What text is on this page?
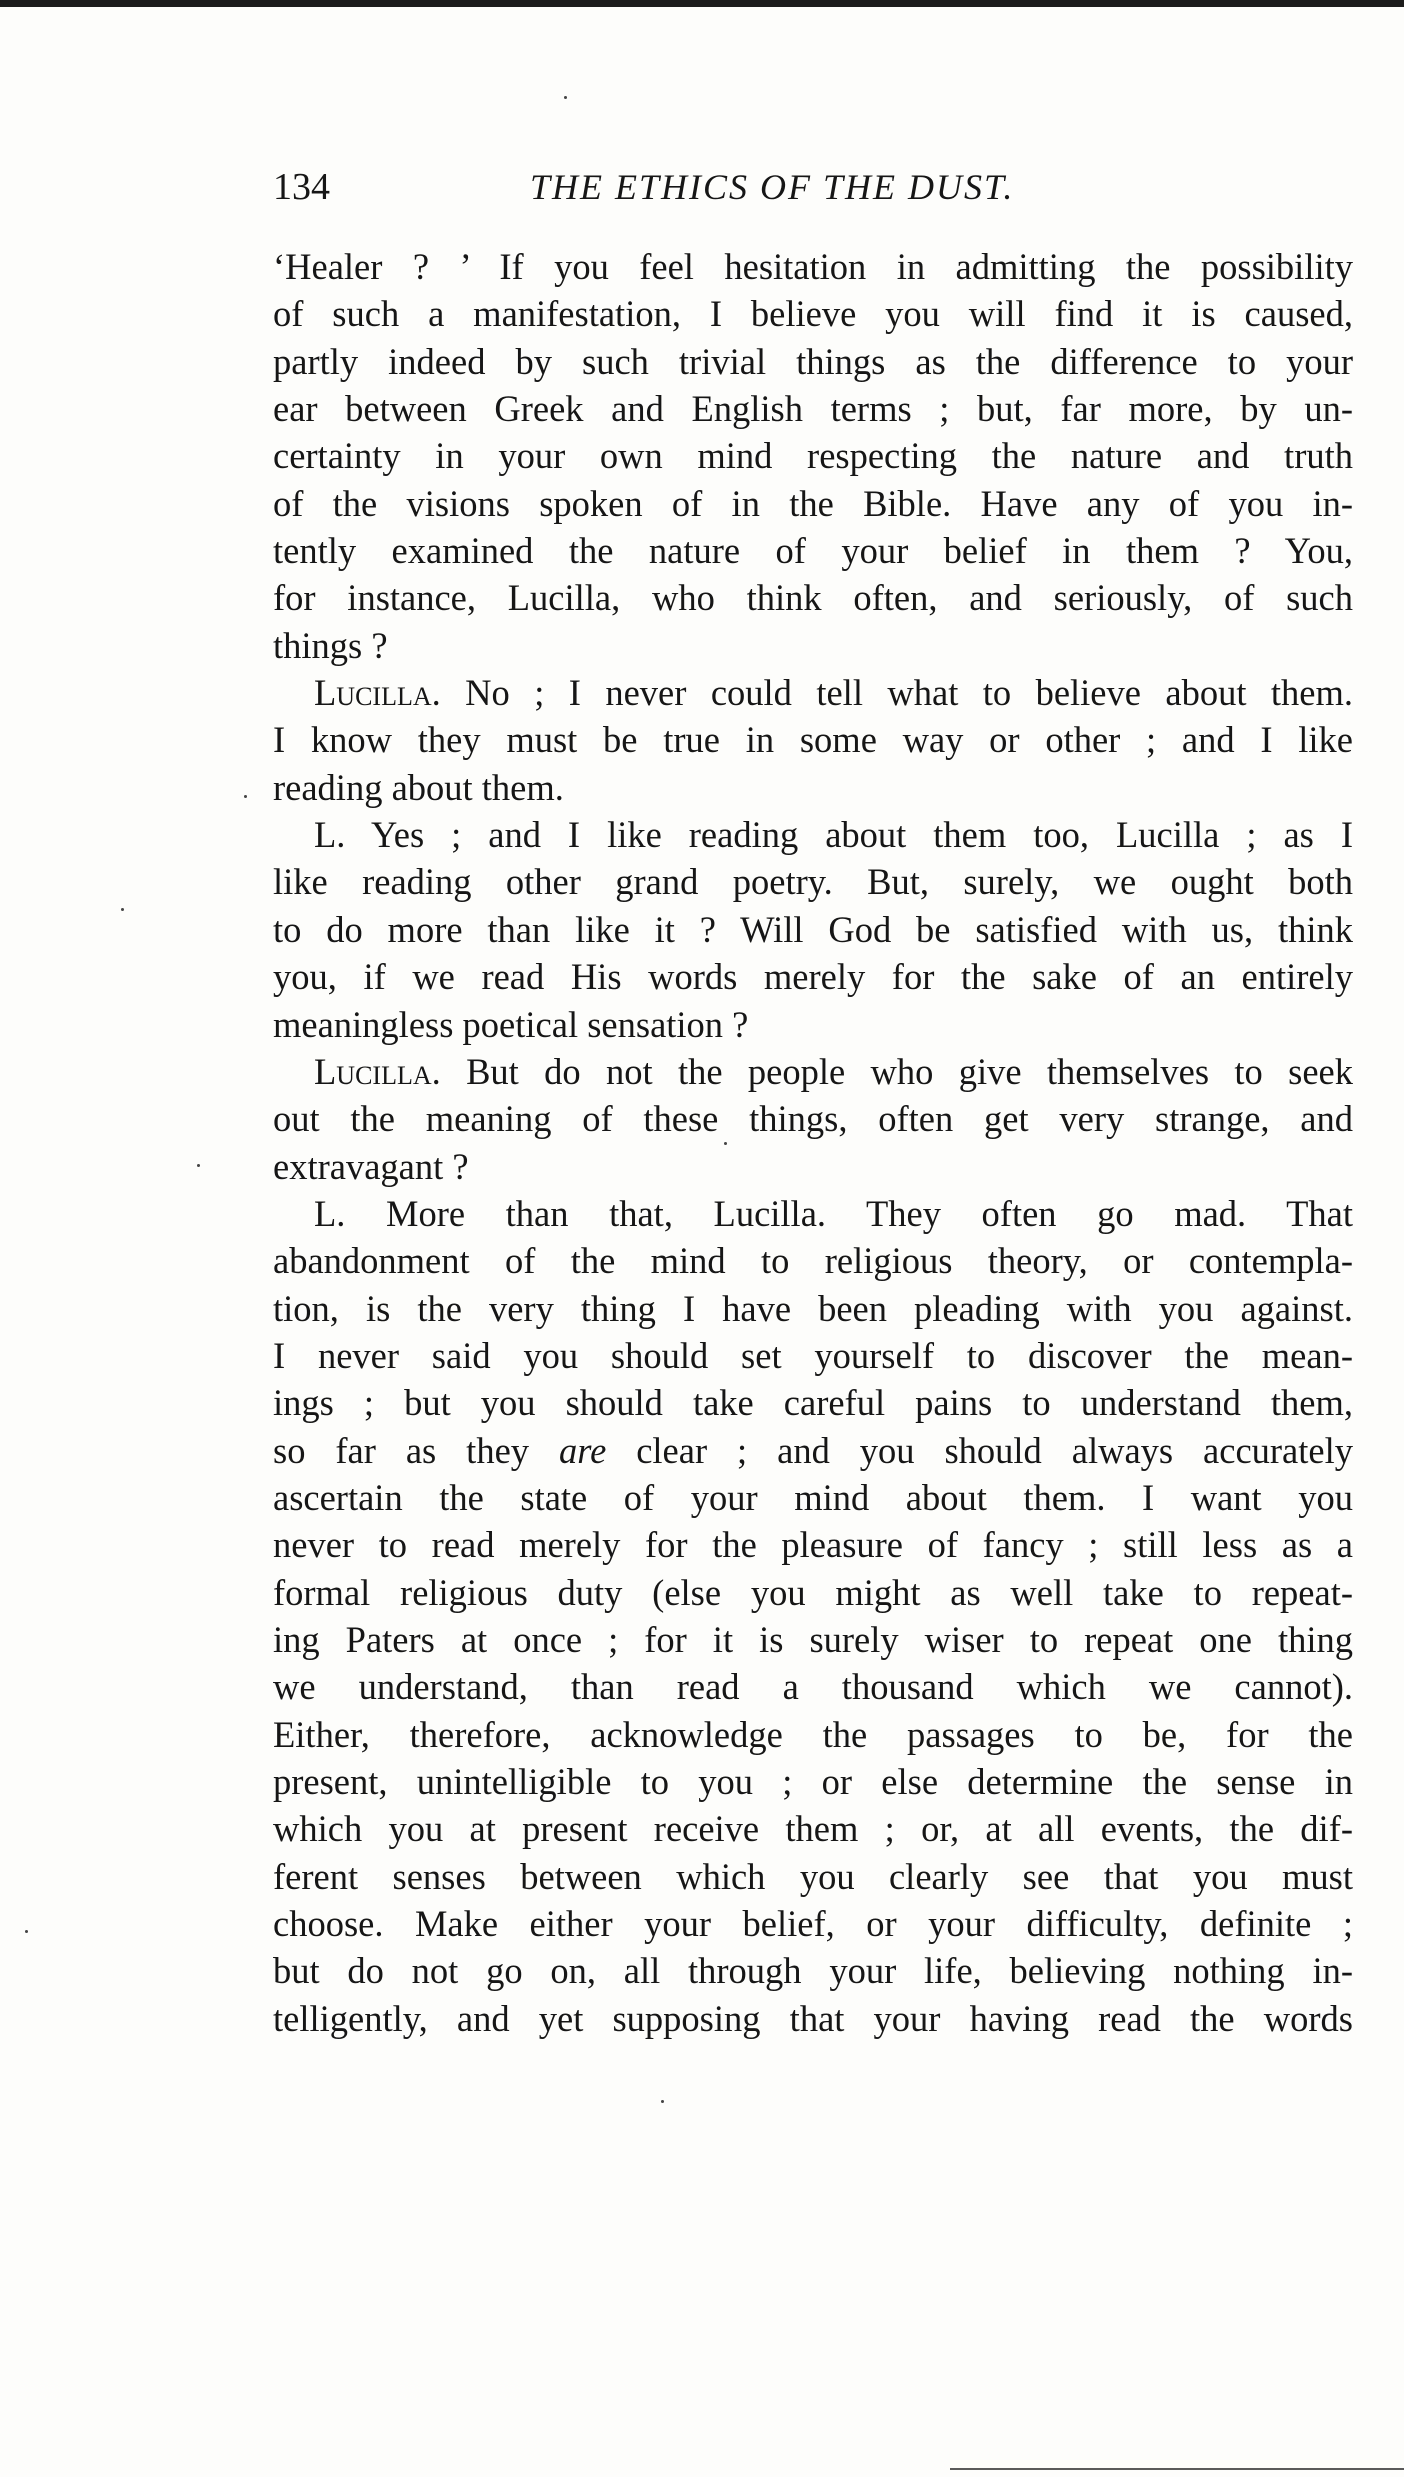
134	THE ETHICS OF THE DUST.
‘Healer ? ’ If you feel hesitation in admitting the possibility
of such a manifestation, I believe you will find it is caused,
partly indeed by such trivial things as the difference to your
ear between Greek and English terms ; but, far more, by un-
certainty in your own mind respecting the nature and truth
of the visions spoken of in the Bible. Have any of you in-
tently examined the nature of your belief in them ? You,
for instance, Lucilla, who think often, and seriously, of such
things ?
Lucilla. No ; I never could tell what to believe about them.
I know they must be true in some way or other ; and I like
reading about them.
L. Yes ; and I like reading about them too, Lucilla ; as I
like reading other grand poetry. But, surely, we ought both
to do more than like it ? Will God be satisfied with us, think
you, if we read His words merely for the sake of an entirely
meaningless poetical sensation ?
Lucilla. But do not the people who give themselves to seek
out the meaning of these things, often get very strange, and
extravagant ?
L. More than that, Lucilla. They often go mad. That
abandonment of the mind to religious theory, or contempla-
tion, is the very thing I have been pleading with you against.
I never said you should set yourself to discover the mean-
ings ; but you should take careful pains to understand them,
so far as they are clear ; and you should always accurately
ascertain the state of your mind about them. I want you
never to read merely for the pleasure of fancy ; still less as a
formal religious duty (else you might as well take to repeat-
ing Paters at once ; for it is surely wiser to repeat one thing
we understand, than read a thousand which we cannot).
Either, therefore, acknowledge the passages to be, for the
present, unintelligible to you ; or else determine the sense in
which you at present receive them ; or, at all events, the dif-
ferent senses between which you clearly see that you must
choose. Make either your belief, or your difficulty, definite ;
but do not go on, all through your life, believing nothing in-
telligently, and yet supposing that your having read the words
